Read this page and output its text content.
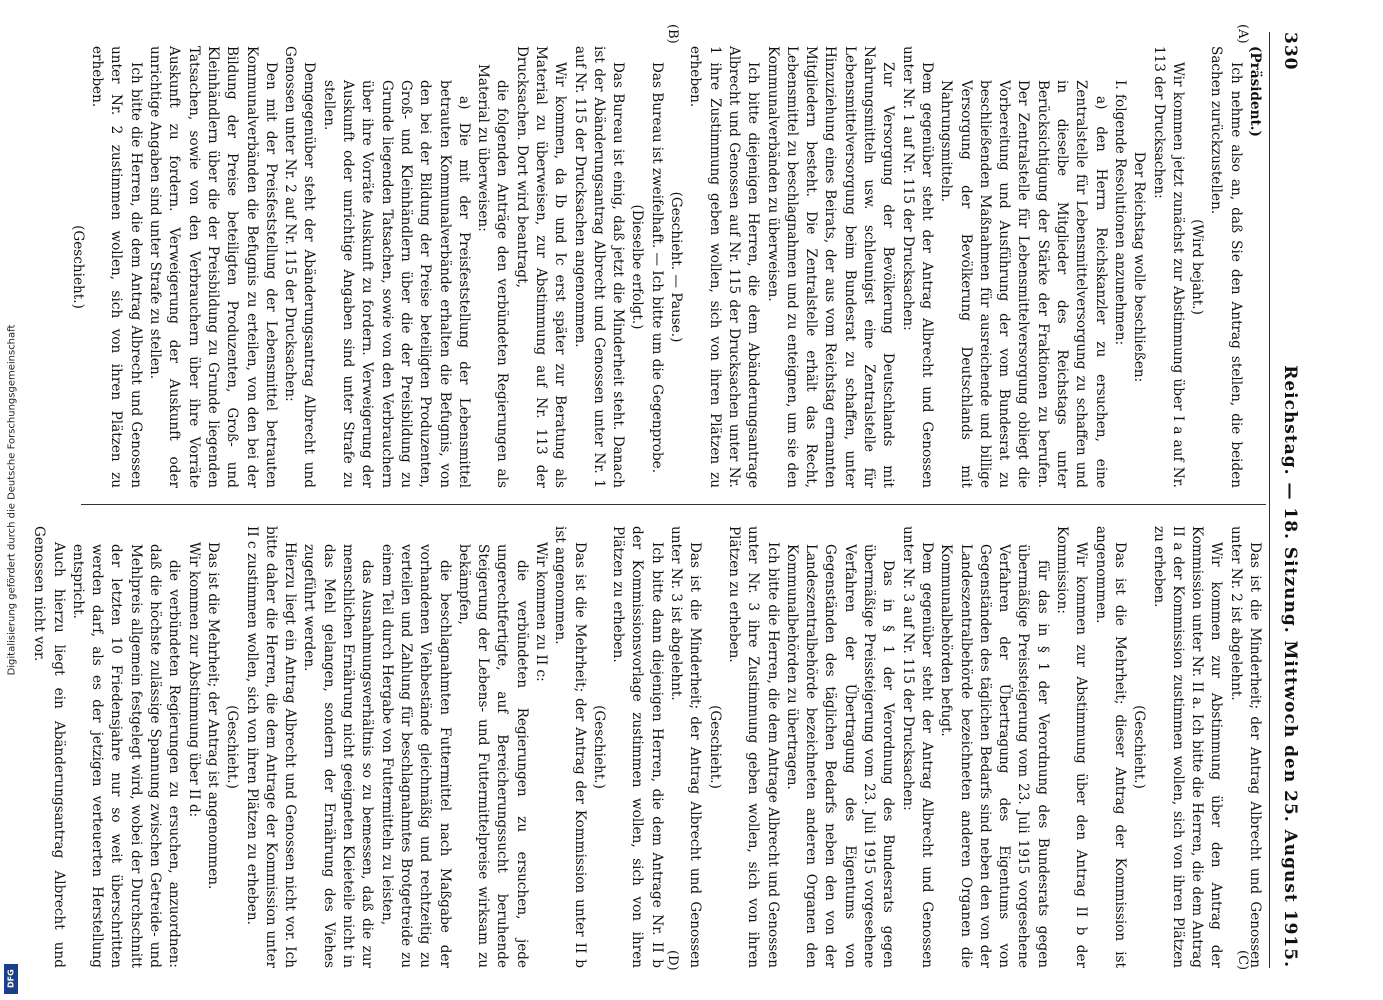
330
Reichstag. — 18. Sitzung. Mittwoch den 25. August 1915.
(A)
(B)
(C)
(D)

(Präsident.)

Ich nehme also an, daß Sie den Antrag stellen, die beiden Sachen zurückzustellen.

(Wird bejaht.)

Wir kommen jetzt zunächst zur Abstimmung über I a auf Nr. 113 der Drucksachen:

Der Reichstag wolle beschließen:

I. folgende Resolutionen anzunehmen:

a) den Herrn Reichskanzler zu ersuchen, eine Zentralstelle für Lebensmittelversorgung zu schaffen und in dieselbe Mitglieder des Reichstags unter Berücksichtigung der Stärke der Fraktionen zu berufen. Der Zentralstelle für Lebensmittelversorgung obliegt die Vorbereitung und Ausführung der vom Bundesrat zu beschließenden Maßnahmen für ausreichende und billige Versorgung der Bevölkerung Deutschlands mit Nahrungsmitteln.

Dem gegenüber steht der Antrag Albrecht und Genossen unter Nr. 1 auf Nr. 115 der Drucksachen:

Zur Versorgung der Bevölkerung Deutschlands mit Nahrungsmitteln usw. schleunigst eine Zentralstelle für Lebensmittelversorgung beim Bundesrat zu schaffen, unter Hinzuziehung eines Beirats, der aus vom Reichstag ernannten Mitgliedern besteht. Die Zentralstelle erhält das Recht, Lebensmittel zu beschlagnahmen und zu enteignen, um sie den Kommunalverbänden zu überweisen.

Ich bitte diejenigen Herren, die dem Abänderungsantrage Albrecht und Genossen auf Nr. 115 der Drucksachen unter Nr. 1 ihre Zustimmung geben wollen, sich von ihren Plätzen zu erheben.

(Geschieht. — Pause.)

Das Bureau ist zweifelhaft. — Ich bitte um die Gegenprobe.

(Dieselbe erfolgt.)

Das Bureau ist einig, daß jetzt die Minderheit steht. Danach ist der Abänderungsantrag Albrecht und Genossen unter Nr. 1 auf Nr. 115 der Drucksachen angenommen.

Wir kommen, da Ib und Ic erst später zur Beratung als Material zu überweisen, zur Abstimmung auf Nr. 113 der Drucksachen. Dort wird beantragt,

die folgenden Anträge den verbündeten Regierungen als Material zu überweisen:

a) Die mit der Preisfeststellung der Lebensmittel betrauten Kommunalverbände erhalten die Befugnis, von den bei der Bildung der Preise beteiligten Produzenten, Groß- und Kleinhändlern über die der Preisbildung zu Grunde liegenden Tatsachen, sowie von den Verbrauchern über ihre Vorräte Auskunft zu fordern. Verweigerung der Auskunft oder unrichtige Angaben sind unter Strafe zu stellen.

Demgegenüber steht der Abänderungsantrag Albrecht und Genossen unter Nr. 2 auf Nr. 115 der Drucksachen:

Den mit der Preisfeststellung der Lebensmittel betrauten Kommunalverbänden die Befugnis zu erteilen, von den bei der Bildung der Preise beteiligten Produzenten, Groß- und Kleinhändlern über die der Preisbildung zu Grunde liegenden Tatsachen, sowie von den Verbrauchern über ihre Vorräte Auskunft zu fordern. Verweigerung der Auskunft oder unrichtige Angaben sind unter Strafe zu stellen.

Ich bitte die Herren, die dem Antrag Albrecht und Genossen unter Nr. 2 zustimmen wollen, sich von ihren Plätzen zu erheben.

(Geschieht.)

Das ist die Minderheit; der Antrag Albrecht und Genossen unter Nr. 2 ist abgelehnt.

Wir kommen zur Abstimmung über den Antrag der Kommission unter Nr. II a. Ich bitte die Herren, die dem Antrag II a der Kommission zustimmen wollen, sich von ihren Plätzen zu erheben.

(Geschieht.)

Das ist die Mehrheit; dieser Antrag der Kommission ist angenommen.

Wir kommen zur Abstimmung über den Antrag II b der Kommission:

für das in § 1 der Verordnung des Bundesrats gegen übermäßige Preissteigerung vom 23. Juli 1915 vorgesehene Verfahren der Übertragung des Eigentums von Gegenständen des täglichen Bedarfs sind neben den von der Landeszentralbehörde bezeichneten anderen Organen die Kommunalbehörden befugt.

Dem gegenüber steht der Antrag Albrecht und Genossen unter Nr. 3 auf Nr. 115 der Drucksachen:

Das in § 1 der Verordnung des Bundesrats gegen übermäßige Preissteigerung vom 23. Juli 1915 vorgesehene Verfahren der Übertragung des Eigentums von Gegenständen des täglichen Bedarfs neben den von der Landeszentralbehörde bezeichneten anderen Organen den Kommunalbehörden zu übertragen.

Ich bitte die Herren, die dem Antrage Albrecht und Genossen unter Nr. 3 ihre Zustimmung geben wollen, sich von ihren Plätzen zu erheben.

(Geschieht.)

Das ist die Minderheit; der Antrag Albrecht und Genossen unter Nr. 3 ist abgelehnt.

Ich bitte dann diejenigen Herren, die dem Antrage Nr. II b der Kommissionsvorlage zustimmen wollen, sich von ihren Plätzen zu erheben.

(Geschieht.)

Das ist die Mehrheit; der Antrag der Kommission unter II b ist angenommen.

Wir kommen zu II c:

die verbündeten Regierungen zu ersuchen, jede ungerechtfertigte, auf Bereicherungssucht beruhende Steigerung der Lebens- und Futtermittelpreise wirksam zu bekämpfen,

die beschlagnahmten Futtermittel nach Maßgabe der vorhandenen Viehbestände gleichmäßig und rechtzeitig zu verteilen und Zahlung für beschlagnahmtes Brotgetreide zu einem Teil durch Hergabe von Futtermitteln zu leisten,

das Ausnahmungsverhältnis so zu bemessen, daß die zur menschlichen Ernährung nicht geeigneten Kleieteile nicht in das Mehl gelangen, sondern der Ernährung des Viehes zugeführt werden.

Hierzu liegt ein Antrag Albrecht und Genossen nicht vor. Ich bitte daher die Herren, die dem Antrage der Kommission unter II c zustimmen wollen, sich von ihren Plätzen zu erheben.

(Geschieht.)

Das ist die Mehrheit; der Antrag ist angenommen.

Wir kommen zur Abstimmung über II d:

die verbündeten Regierungen zu ersuchen, anzuordnen: daß die höchste zulässige Spannung zwischen Getreide- und Mehlpreis allgemein festgelegt wird, wobei der Durchschnitt der letzten 10 Friedensjahre nur so weit überschritten werden darf, als es der jetzigen verteuerten Herstellung entspricht.

Auch hierzu liegt ein Abänderungsantrag Albrecht und Genossen nicht vor.

Digitalisierung gefördert durch die Deutsche Forschungsgemeinschaft
DFG
